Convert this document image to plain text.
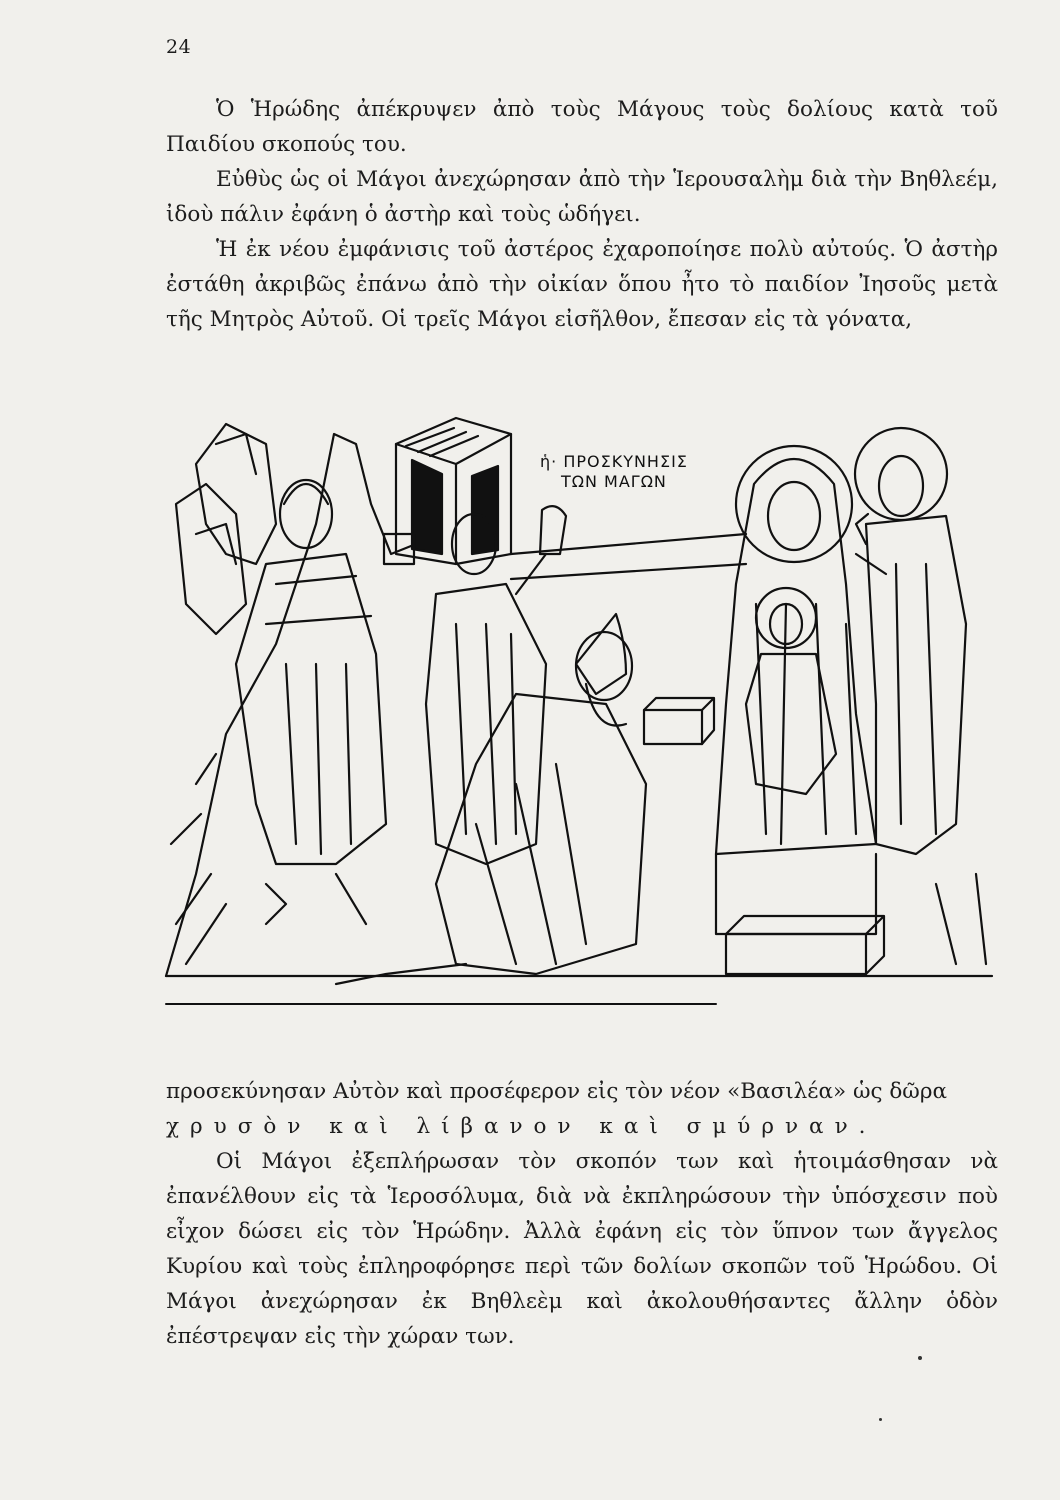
24

Ὁ Ἡρώδης ἀπέκρυψεν ἀπὸ τοὺς Μάγους τοὺς δολίους κατὰ τοῦ Παιδίου σκοπούς του.

Εὐθὺς ὡς οἱ Μάγοι ἀνεχώρησαν ἀπὸ τὴν Ἱερουσαλὴμ διὰ τὴν Βηθλεέμ, ἰδοὺ πάλιν ἐφάνη ὁ ἀστὴρ καὶ τοὺς ὡδήγει.

Ἡ ἐκ νέου ἐμφάνισις τοῦ ἀστέρος ἐχαροποίησε πολὺ αὐτούς. Ὁ ἀστὴρ ἐστάθη ἀκριβῶς ἐπάνω ἀπὸ τὴν οἰκίαν ὅπου ἦτο τὸ παιδίον Ἰησοῦς μετὰ τῆς Μητρὸς Αὐτοῦ. Οἱ τρεῖς Μάγοι εἰσῆλθον, ἔπεσαν εἰς τὰ γόνατα,

ἡ· ΠΡΟΣΚΥΝΗΣΙΣ
ΤΩΝ ΜΑΓΩΝ

προσεκύνησαν Αὐτὸν καὶ προσέφερον εἰς τὸν νέον «Βασιλέα» ὡς δῶρα

χρυσὸν καὶ λίβανον καὶ σμύρναν.

Οἱ Μάγοι ἐξεπλήρωσαν τὸν σκοπόν των καὶ ἡτοιμάσθησαν νὰ ἐπανέλθουν εἰς τὰ Ἱεροσόλυμα, διὰ νὰ ἐκπληρώσουν τὴν ὑπόσχεσιν ποὺ εἶχον δώσει εἰς τὸν Ἡρώδην. Ἀλλὰ ἐφάνη εἰς τὸν ὕπνον των ἄγγελος Κυρίου καὶ τοὺς ἐπληροφόρησε περὶ τῶν δολίων σκοπῶν τοῦ Ἡρώδου. Οἱ Μάγοι ἀνεχώρησαν ἐκ Βηθλεὲμ καὶ ἀκολουθήσαντες ἄλλην ὁδὸν ἐπέστρεψαν εἰς τὴν χώραν των.
